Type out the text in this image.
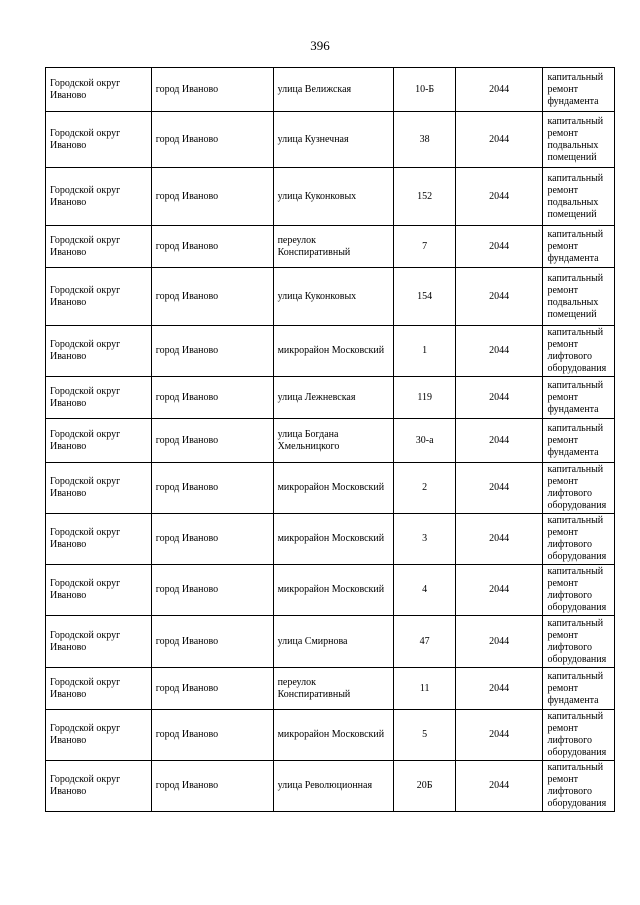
396
Городской округ Иваново	город Иваново	улица Велижская	10-Б	2044	капитальный
ремонт
фундамента

Городской округ Иваново	город Иваново	улица Кузнечная	38	2044	капитальный
ремонт
подвальных
помещений

Городской округ Иваново	город Иваново	улица Куконковых	152	2044	капитальный
ремонт
подвальных
помещений

Городской округ Иваново	город Иваново	переулок Конспиративный	7	2044	капитальный
ремонт
фундамента

Городской округ Иваново	город Иваново	улица Куконковых	154	2044	капитальный
ремонт
подвальных
помещений

Городской округ Иваново	город Иваново	микрорайон Московский	1	2044	капитальный
ремонт
лифтового
оборудования

Городской округ Иваново	город Иваново	улица Лежневская	119	2044	капитальный
ремонт
фундамента

Городской округ Иваново	город Иваново	улица Богдана Хмельницкого	30-а	2044	капитальный
ремонт
фундамента

Городской округ Иваново	город Иваново	микрорайон Московский	2	2044	капитальный
ремонт
лифтового
оборудования

Городской округ Иваново	город Иваново	микрорайон Московский	3	2044	капитальный
ремонт
лифтового
оборудования

Городской округ Иваново	город Иваново	микрорайон Московский	4	2044	капитальный
ремонт
лифтового
оборудования

Городской округ Иваново	город Иваново	улица Смирнова	47	2044	капитальный
ремонт
лифтового
оборудования

Городской округ Иваново	город Иваново	переулок Конспиративный	11	2044	капитальный
ремонт
фундамента

Городской округ Иваново	город Иваново	микрорайон Московский	5	2044	капитальный
ремонт
лифтового
оборудования

Городской округ Иваново	город Иваново	улица Революционная	20Б	2044	капитальный
ремонт
лифтового
оборудования
